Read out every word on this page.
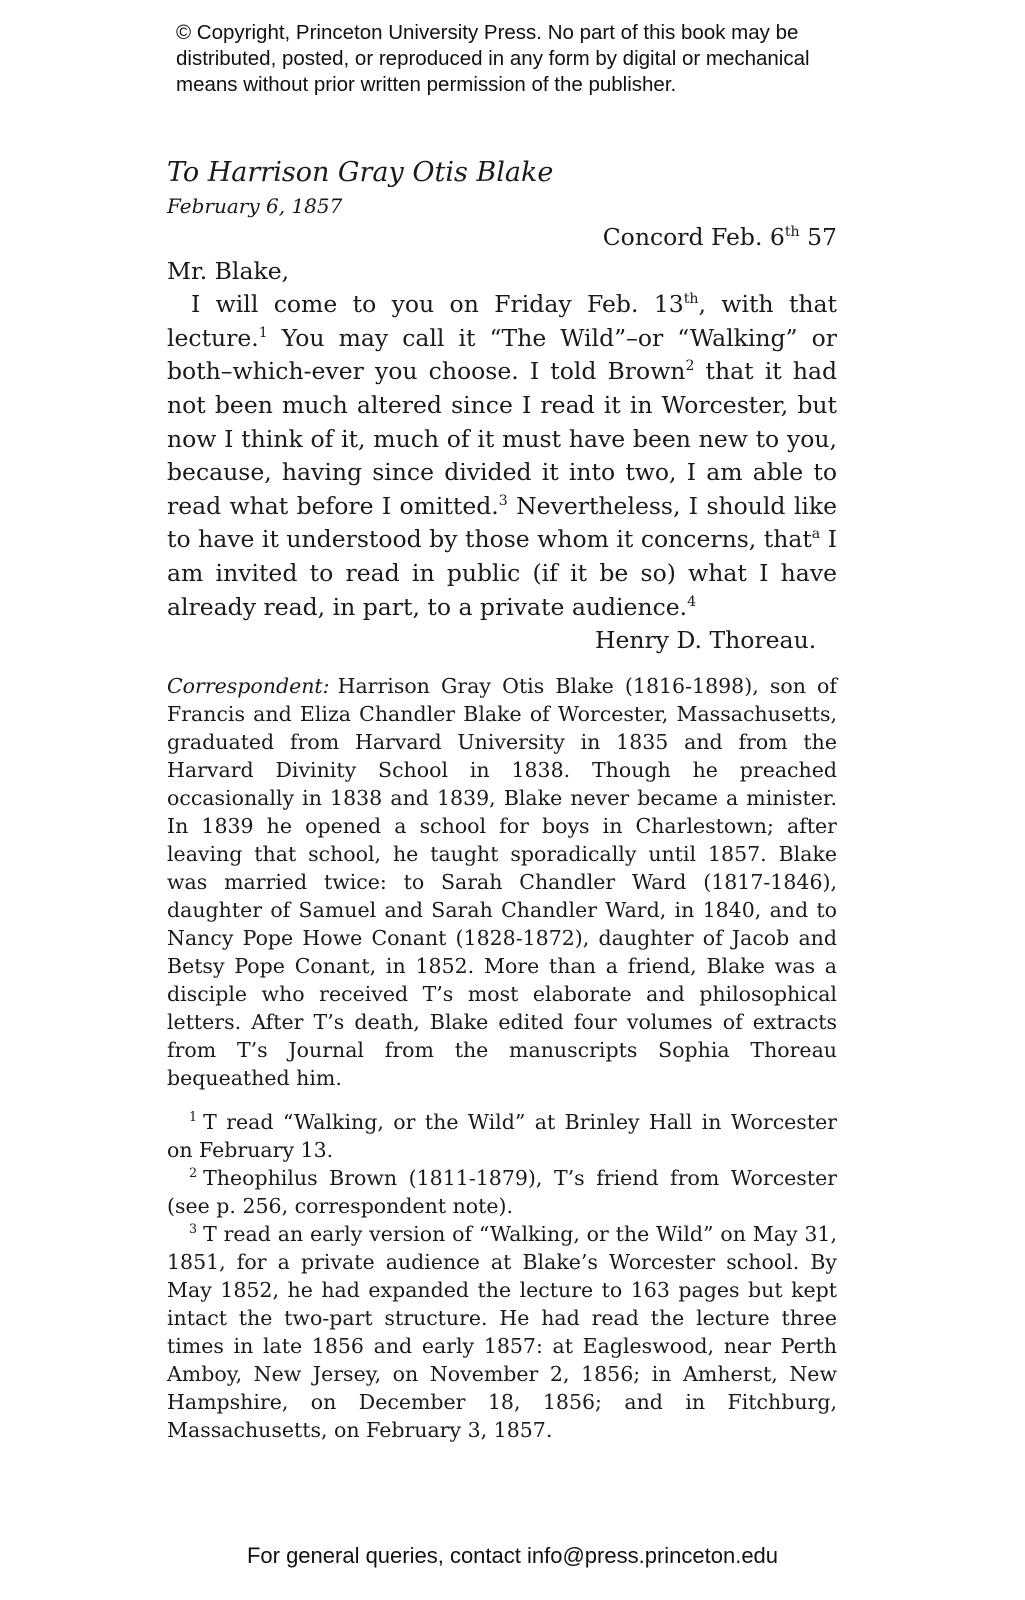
© Copyright, Princeton University Press. No part of this book may be distributed, posted, or reproduced in any form by digital or mechanical means without prior written permission of the publisher.

To Harrison Gray Otis Blake

February 6, 1857

Concord Feb. 6th 57

Mr. Blake,

I will come to you on Friday Feb. 13th, with that lecture.$^1$ You may call it “The Wild”–or “Walking” or both–which-ever you choose. I told Brown$^2$ that it had not been much altered since I read it in Worcester, but now I think of it, much of it must have been new to you, because, having since divided it into two, I am able to read what before I omitted.$^3$ Nevertheless, I should like to have it understood by those whom it concerns, that$^a$ I am invited to read in public (if it be so) what I have already read, in part, to a private audience.$^4$

Henry D. Thoreau.

Correspondent: Harrison Gray Otis Blake (1816-1898), son of Francis and Eliza Chandler Blake of Worcester, Massachusetts, graduated from Harvard University in 1835 and from the Harvard Divinity School in 1838. Though he preached occasionally in 1838 and 1839, Blake never became a minister. In 1839 he opened a school for boys in Charlestown; after leaving that school, he taught sporadically until 1857. Blake was married twice: to Sarah Chandler Ward (1817-1846), daughter of Samuel and Sarah Chandler Ward, in 1840, and to Nancy Pope Howe Conant (1828-1872), daughter of Jacob and Betsy Pope Conant, in 1852. More than a friend, Blake was a disciple who received T’s most elaborate and philosophical letters. After T’s death, Blake edited four volumes of extracts from T’s Journal from the manuscripts Sophia Thoreau bequeathed him.

$^1$ T read “Walking, or the Wild” at Brinley Hall in Worcester on February 13.

$^2$ Theophilus Brown (1811-1879), T’s friend from Worcester (see p. 256, correspondent note).

$^3$ T read an early version of “Walking, or the Wild” on May 31, 1851, for a private audience at Blake’s Worcester school. By May 1852, he had expanded the lecture to 163 pages but kept intact the two-part structure. He had read the lecture three times in late 1856 and early 1857: at Eagleswood, near Perth Amboy, New Jersey, on November 2, 1856; in Amherst, New Hampshire, on December 18, 1856; and in Fitchburg, Massachusetts, on February 3, 1857.

For general queries, contact info@press.princeton.edu
